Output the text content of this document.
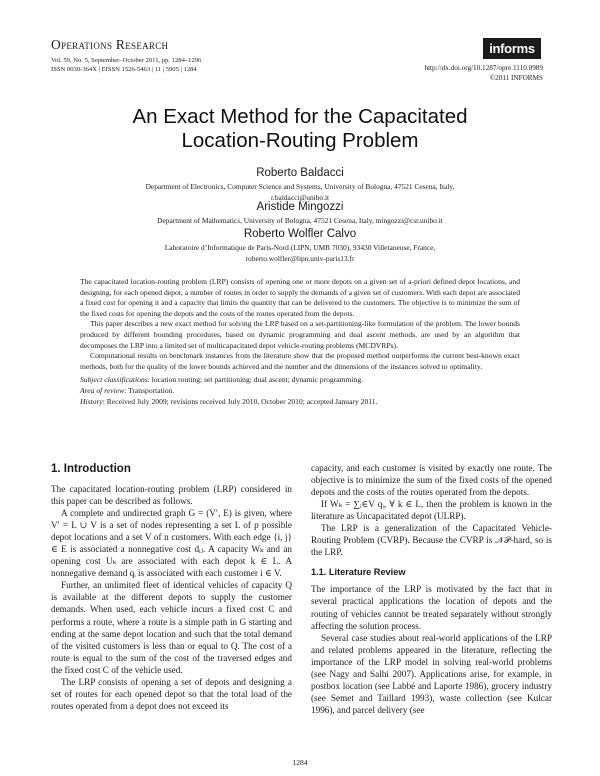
Operations Research
Vol. 59, No. 5, September–October 2011, pp. 1284–1296
ISSN 0030-364X | EISSN 1526-5463 | 11 | 5905 | 1284
informs
http://dx.doi.org/10.1287/opre.1110.0989
©2011 INFORMS
An Exact Method for the Capacitated
Location-Routing Problem
Roberto Baldacci
Department of Electronics, Computer Science and Systems, University of Bologna, 47521 Cesena, Italy,
r.baldacci@unibo.it
Aristide Mingozzi
Department of Mathematics, University of Bologna, 47521 Cesena, Italy, mingozzi@csr.unibo.it
Roberto Wolfler Calvo
Laboratoire d’Informatique de Paris-Nord (LIPN, UMR 7030), 93430 Villetaneuse, France,
roberto.wolfler@lipn.univ-paris13.fr

The capacitated location-routing problem (LRP) consists of opening one or more depots on a given set of a-priori defined depot locations, and designing, for each opened depot, a number of routes in order to supply the demands of a given set of customers. With each depot are associated a fixed cost for opening it and a capacity that limits the quantity that can be delivered to the customers. The objective is to minimize the sum of the fixed costs for opening the depots and the costs of the routes operated from the depots.

This paper describes a new exact method for solving the LRP based on a set-partitioning-like formulation of the problem. The lower bounds produced by different bounding procedures, based on dynamic programming and dual ascent methods, are used by an algorithm that decomposes the LRP into a limited set of multicapacitated depot vehicle-routing problems (MCDVRPs).

Computational results on benchmark instances from the literature show that the proposed method outperforms the current best-known exact methods, both for the quality of the lower bounds achieved and the number and the dimensions of the instances solved to optimality.

Subject classifications: location routing; set partitioning; dual ascent; dynamic programming.

Area of review: Transportation.

History: Received July 2009; revisions received July 2010, October 2010; accepted January 2011.

1. Introduction

The capacitated location-routing problem (LRP) considered in this paper can be described as follows.

A complete and undirected graph G = (V′, E) is given, where V′ = L ∪ V is a set of nodes representing a set L of p possible depot locations and a set V of n customers. With each edge {i, j} ∈ E is associated a nonnegative cost dᵢⱼ. A capacity Wₖ and an opening cost Uₖ are associated with each depot k ∈ L. A nonnegative demand qᵢ is associated with each customer i ∈ V.

Further, an unlimited fleet of identical vehicles of capacity Q is available at the different depots to supply the customer demands. When used, each vehicle incurs a fixed cost C and performs a route, where a route is a simple path in G starting and ending at the same depot location and such that the total demand of the visited customers is less than or equal to Q. The cost of a route is equal to the sum of the cost of the traversed edges and the fixed cost C of the vehicle used.

The LRP consists of opening a set of depots and designing a set of routes for each opened depot so that the total load of the routes operated from a depot does not exceed its

capacity, and each customer is visited by exactly one route. The objective is to minimize the sum of the fixed costs of the opened depots and the costs of the routes operated from the depots.

If Wₖ = ∑ᵢ∈V qᵢ, ∀ k ∈ L, then the problem is known in the literature as Uncapacitated depot (ULRP).

The LRP is a generalization of the Capacitated Vehicle-Routing Problem (CVRP). Because the CVRP is 𝒩𝒫-hard, so is the LRP.

1.1. Literature Review

The importance of the LRP is motivated by the fact that in several practical applications the location of depots and the routing of vehicles cannot be treated separately without strongly affecting the solution process.

Several case studies about real-world applications of the LRP and related problems appeared in the literature, reflecting the importance of the LRP model in solving real-world problems (see Nagy and Salhi 2007). Applications arise, for example, in postbox location (see Labbé and Laporte 1986), grocery industry (see Semet and Taillard 1993), waste collection (see Kulcar 1996), and parcel delivery (see

1284
